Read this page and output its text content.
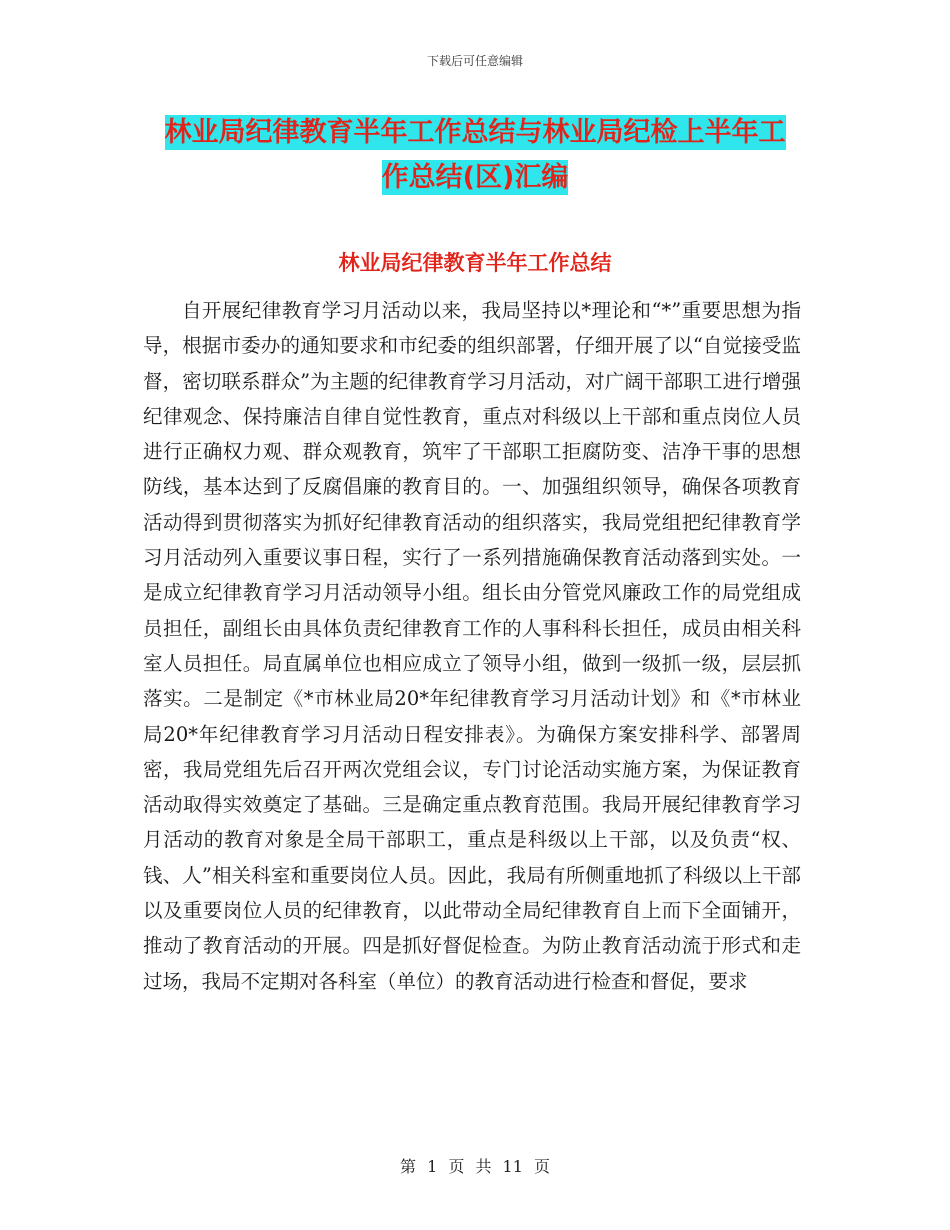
下载后可任意编辑
林业局纪律教育半年工作总结与林业局纪检上半年工
作总结(区)汇编
林业局纪律教育半年工作总结

自开展纪律教育学习月活动以来，我局坚持以*理论和“*”重要思想为指导，根据市委办的通知要求和市纪委的组织部署，仔细开展了以“自觉接受监督，密切联系群众”为主题的纪律教育学习月活动，对广阔干部职工进行增强纪律观念、保持廉洁自律自觉性教育，重点对科级以上干部和重点岗位人员进行正确权力观、群众观教育，筑牢了干部职工拒腐防变、洁净干事的思想防线，基本达到了反腐倡廉的教育目的。一、加强组织领导，确保各项教育活动得到贯彻落实为抓好纪律教育活动的组织落实，我局党组把纪律教育学习月活动列入重要议事日程，实行了一系列措施确保教育活动落到实处。一是成立纪律教育学习月活动领导小组。组长由分管党风廉政工作的局党组成员担任，副组长由具体负责纪律教育工作的人事科科长担任，成员由相关科室人员担任。局直属单位也相应成立了领导小组，做到一级抓一级，层层抓落实。二是制定《*市林业局20*年纪律教育学习月活动计划》和《*市林业局20*年纪律教育学习月活动日程安排表》。为确保方案安排科学、部署周密，我局党组先后召开两次党组会议，专门讨论活动实施方案，为保证教育活动取得实效奠定了基础。三是确定重点教育范围。我局开展纪律教育学习月活动的教育对象是全局干部职工，重点是科级以上干部，以及负责“权、钱、人”相关科室和重要岗位人员。因此，我局有所侧重地抓了科级以上干部以及重要岗位人员的纪律教育，以此带动全局纪律教育自上而下全面铺开，推动了教育活动的开展。四是抓好督促检查。为防止教育活动流于形式和走过场，我局不定期对各科室（单位）的教育活动进行检查和督促，要求

第 1 页 共 11 页
